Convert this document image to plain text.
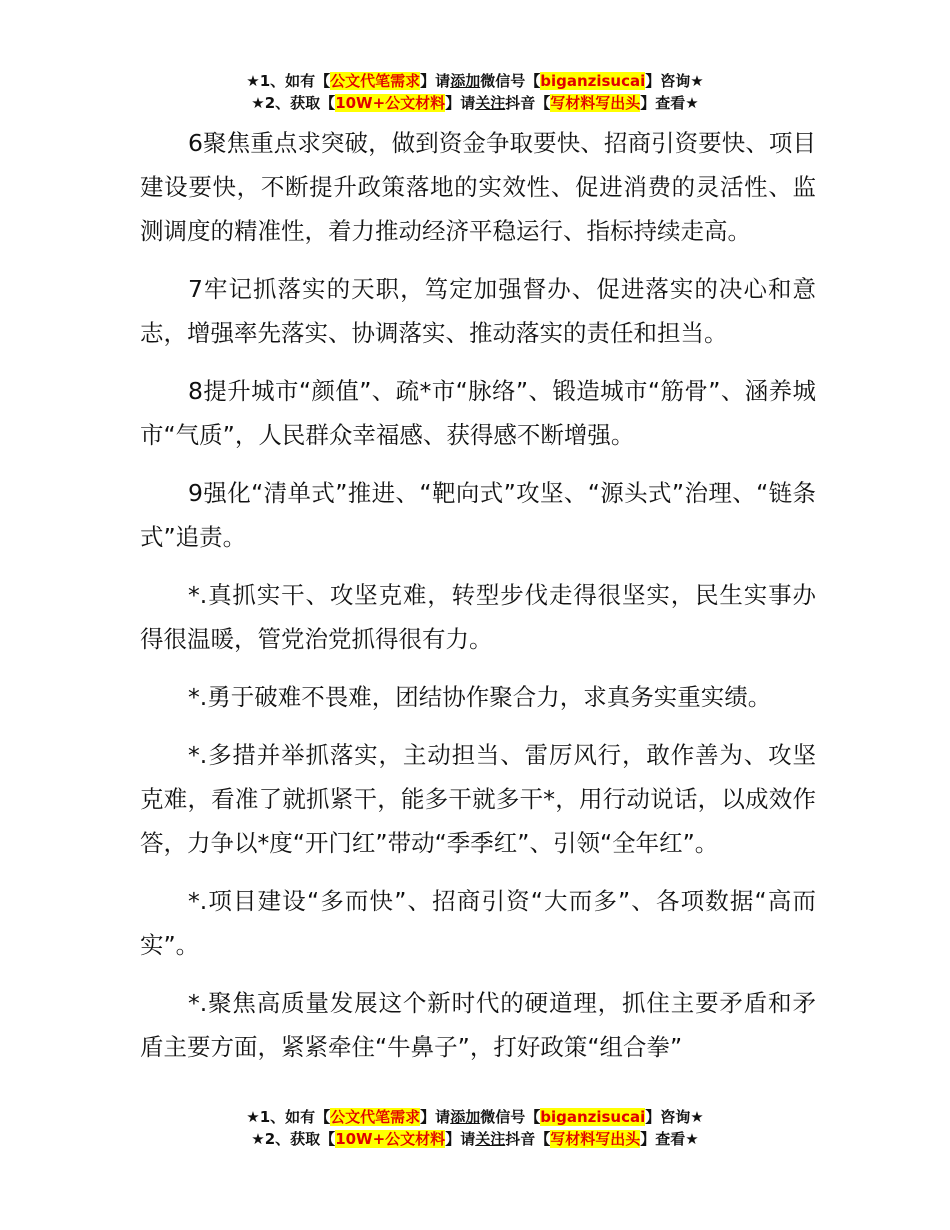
★1、如有【公文代笔需求】请添加微信号【biganzisucai】咨询★
★2、获取【10W+公文材料】请关注抖音【写材料写出头】查看★

6聚焦重点求突破，做到资金争取要快、招商引资要快、项目建设要快，不断提升政策落地的实效性、促进消费的灵活性、监测调度的精准性，着力推动经济平稳运行、指标持续走高。

7牢记抓落实的天职，笃定加强督办、促进落实的决心和意志，增强率先落实、协调落实、推动落实的责任和担当。

8提升城市“颜值”、疏*市“脉络”、锻造城市“筋骨”、涵养城市“气质”，人民群众幸福感、获得感不断增强。

9强化“清单式”推进、“靶向式”攻坚、“源头式”治理、“链条式”追责。

*.真抓实干、攻坚克难，转型步伐走得很坚实，民生实事办得很温暖，管党治党抓得很有力。

*.勇于破难不畏难，团结协作聚合力，求真务实重实绩。

*.多措并举抓落实，主动担当、雷厉风行，敢作善为、攻坚克难，看准了就抓紧干，能多干就多干*，用行动说话，以成效作答，力争以*度“开门红”带动“季季红”、引领“全年红”。

*.项目建设“多而快”、招商引资“大而多”、各项数据“高而实”。

*.聚焦高质量发展这个新时代的硬道理，抓住主要矛盾和矛盾主要方面，紧紧牵住“牛鼻子”，打好政策“组合拳”

★1、如有【公文代笔需求】请添加微信号【biganzisucai】咨询★
★2、获取【10W+公文材料】请关注抖音【写材料写出头】查看★
